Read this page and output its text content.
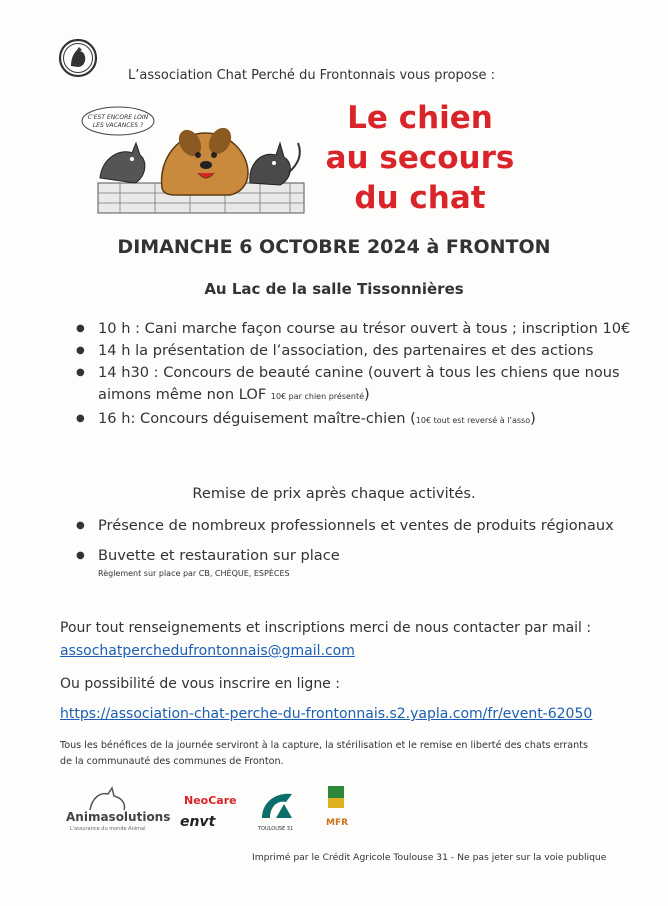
L’association Chat Perché du Frontonnais vous propose :
C'EST ENCORE LOIN
LES VACANCES ?	Le chien
au secours
du chat
DIMANCHE 6 OCTOBRE 2024 à FRONTON
Au Lac de la salle Tissonnières
● 10 h : Cani marche façon course au trésor ouvert à tous ; inscription 10€
● 14 h la présentation de l’association, des partenaires et des actions
● 14 h30 : Concours de beauté canine (ouvert à tous les chiens que nous aimons même non LOF 10€ par chien présenté)
● 16 h: Concours déguisement maître-chien (10€ tout est reversé à l’asso)
Remise de prix après chaque activités.
● Présence de nombreux professionnels et ventes de produits régionaux
● Buvette et restauration sur place
Règlement sur place par CB, CHÈQUE, ESPÈCES
Pour tout renseignements et inscriptions merci de nous contacter par mail :
assochatperchedufrontonnais@gmail.com
Ou possibilité de vous inscrire en ligne :
https://association-chat-perche-du-frontonnais.s2.yapla.com/fr/event-62050
Tous les bénéfices de la journée serviront à la capture, la stérilisation et le remise en liberté des chats errants de la communauté des communes de Fronton.
Animasolutions
L'assurance du monde Animal
NeoCare
envt	TOULOUSE 31
MFR
Imprimé par le Crédit Agricole Toulouse 31 - Ne pas jeter sur la voie publique
